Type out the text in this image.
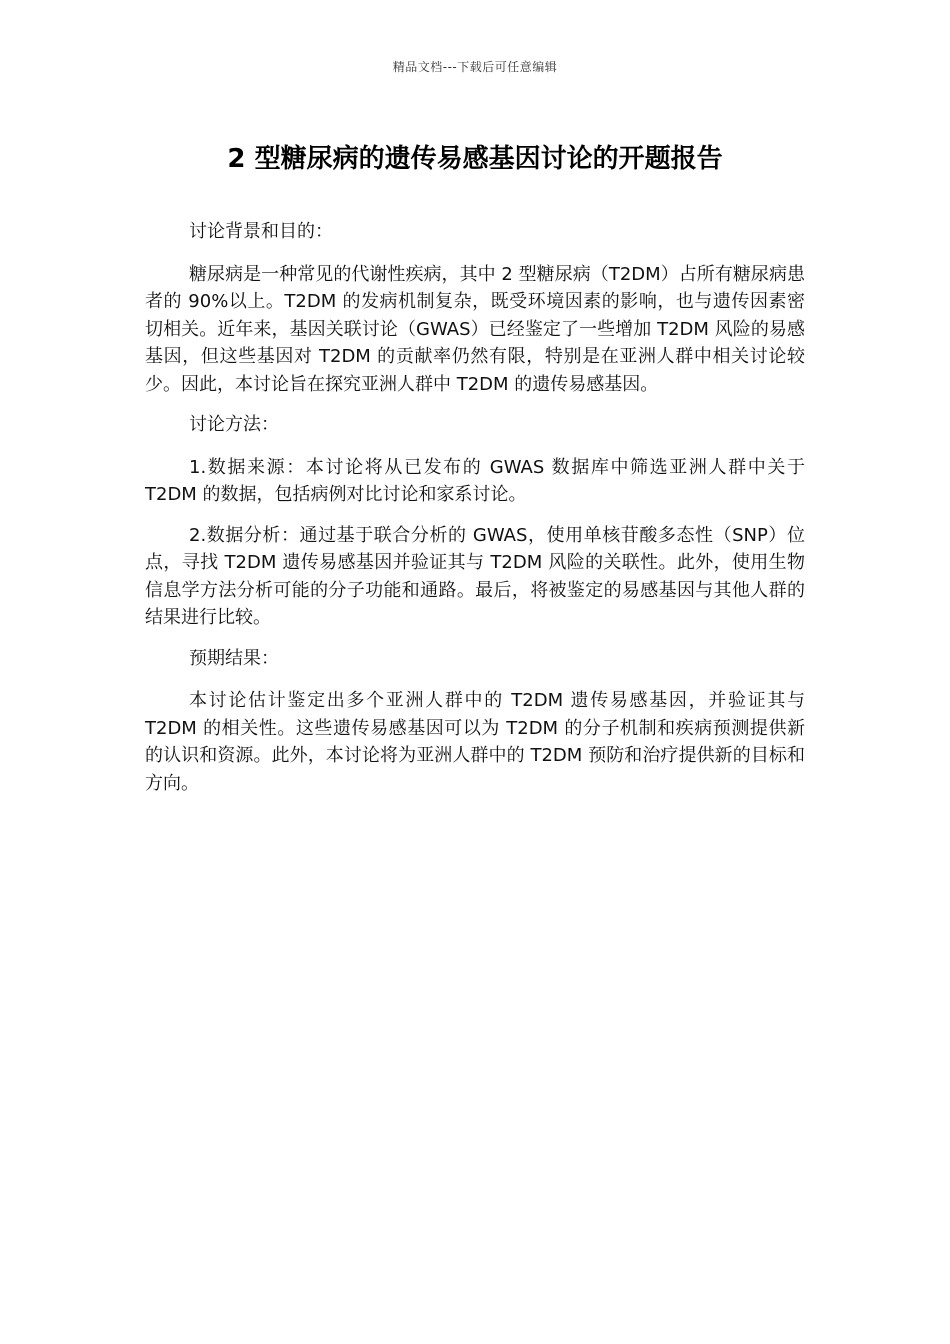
精品文档---下载后可任意编辑
2 型糖尿病的遗传易感基因讨论的开题报告

讨论背景和目的：

糖尿病是一种常见的代谢性疾病，其中 2 型糖尿病（T2DM）占所有糖尿病患者的 90%以上。T2DM 的发病机制复杂，既受环境因素的影响，也与遗传因素密切相关。近年来，基因关联讨论（GWAS）已经鉴定了一些增加 T2DM 风险的易感基因，但这些基因对 T2DM 的贡献率仍然有限，特别是在亚洲人群中相关讨论较少。因此，本讨论旨在探究亚洲人群中 T2DM 的遗传易感基因。

讨论方法：

1.数据来源：本讨论将从已发布的 GWAS 数据库中筛选亚洲人群中关于 T2DM 的数据，包括病例对比讨论和家系讨论。

2.数据分析：通过基于联合分析的 GWAS，使用单核苷酸多态性（SNP）位点，寻找 T2DM 遗传易感基因并验证其与 T2DM 风险的关联性。此外，使用生物信息学方法分析可能的分子功能和通路。最后，将被鉴定的易感基因与其他人群的结果进行比较。

预期结果：

本讨论估计鉴定出多个亚洲人群中的 T2DM 遗传易感基因，并验证其与 T2DM 的相关性。这些遗传易感基因可以为 T2DM 的分子机制和疾病预测提供新的认识和资源。此外，本讨论将为亚洲人群中的 T2DM 预防和治疗提供新的目标和方向。
